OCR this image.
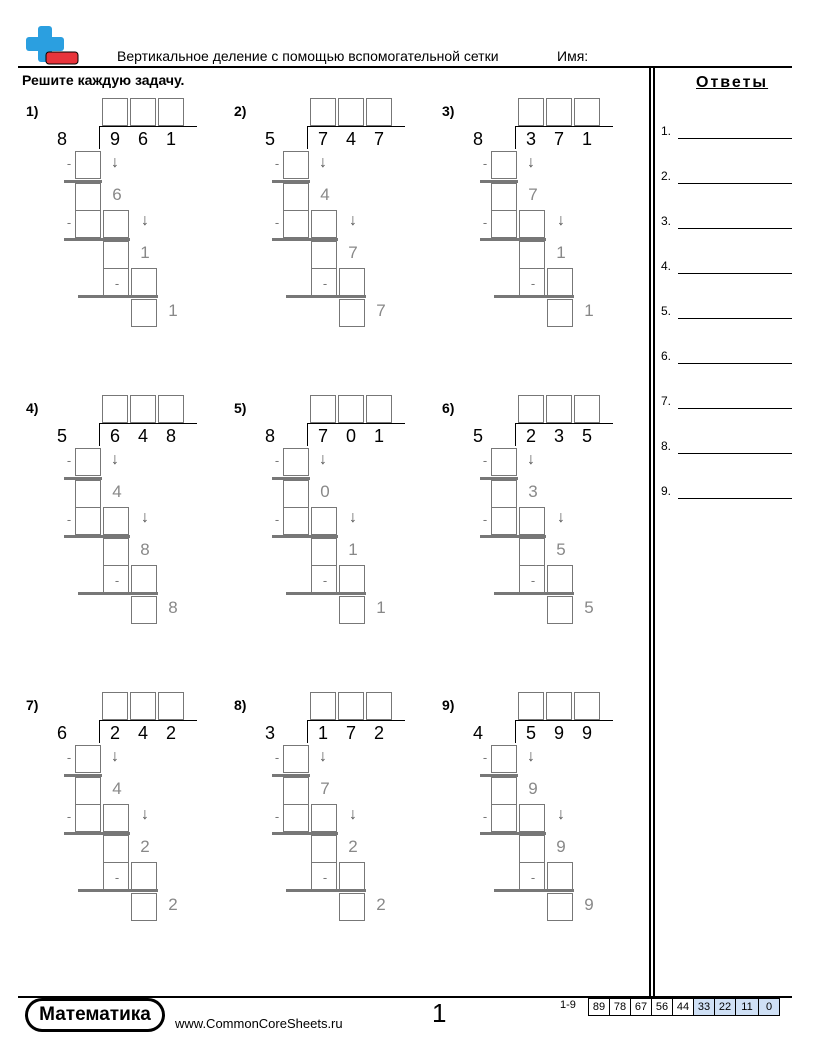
Вертикальное деление с помощью вспомогательной сетки	Имя:
Решите каждую задачу.	Ответы
1.
2.
3.
4.
5.
6.
7.
8.
9.
1)
8	9 6 1
-	↓
6
-	↓
1
-
1
2)
5	7 4 7
-	↓
4
-	↓
7
-
7
3)
8	3 7 1
-	↓
7
-	↓
1
-
1
4)
5	6 4 8
-	↓
4
-	↓
8
-
8
5)
8	7 0 1
-	↓
0
-	↓
1
-
1
6)
5	2 3 5
-	↓
3
-	↓
5
-
5
7)
6	2 4 2
-	↓
4
-	↓
2
-
2
8)
3	1 7 2
-	↓
7
-	↓
2
-
2
9)
4	5 9 9
-	↓
9
-	↓
9
-
9
Математика	www.CommonCoreSheets.ru	1	1-9	89 78 67 56 44 33 22 11	0
